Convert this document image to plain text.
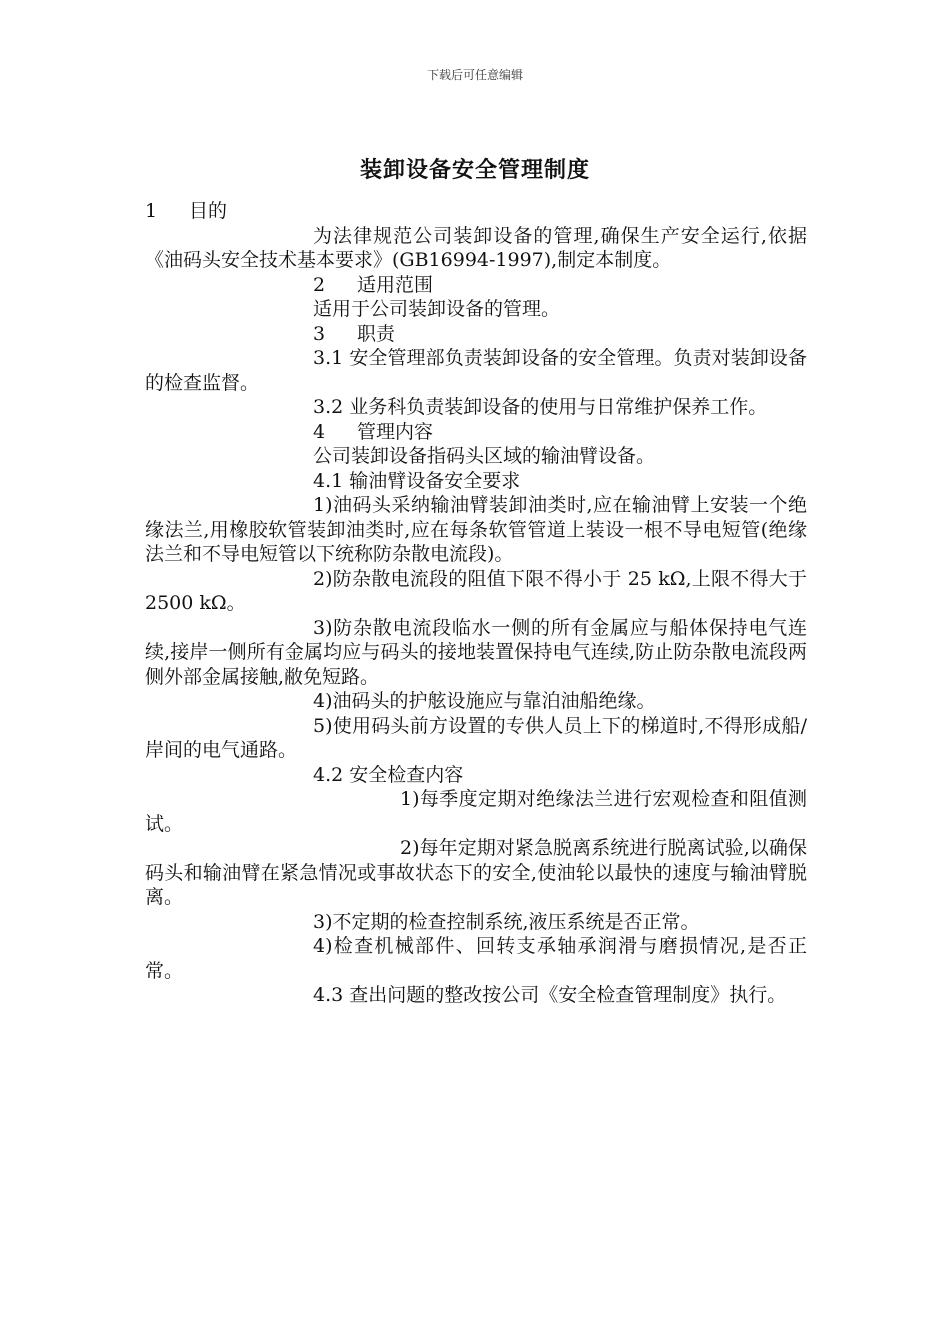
下载后可任意编辑
装卸设备安全管理制度

1 目的

为法律规范公司装卸设备的管理,确保生产安全运行,依据《油码头安全技术基本要求》(GB16994-1997),制定本制度。

2 适用范围

适用于公司装卸设备的管理。

3 职责

3.1 安全管理部负责装卸设备的安全管理。负责对装卸设备的检查监督。

3.2 业务科负责装卸设备的使用与日常维护保养工作。

4 管理内容

公司装卸设备指码头区域的输油臂设备。

4.1 输油臂设备安全要求

1)油码头采纳输油臂装卸油类时,应在输油臂上安装一个绝缘法兰,用橡胶软管装卸油类时,应在每条软管管道上装设一根不导电短管(绝缘法兰和不导电短管以下统称防杂散电流段)。

2)防杂散电流段的阻值下限不得小于 25 kΩ,上限不得大于2500 kΩ。

3)防杂散电流段临水一侧的所有金属应与船体保持电气连续,接岸一侧所有金属均应与码头的接地装置保持电气连续,防止防杂散电流段两侧外部金属接触,敝免短路。

4)油码头的护舷设施应与靠泊油船绝缘。

5)使用码头前方设置的专供人员上下的梯道时,不得形成船/岸间的电气通路。

4.2 安全检查内容

1)每季度定期对绝缘法兰进行宏观检查和阻值测试。

2)每年定期对紧急脱离系统进行脱离试验,以确保码头和输油臂在紧急情况或事故状态下的安全,使油轮以最快的速度与输油臂脱离。

3)不定期的检查控制系统,液压系统是否正常。

4)检查机械部件、回转支承轴承润滑与磨损情况,是否正常。

4.3 查出问题的整改按公司《安全检查管理制度》执行。
